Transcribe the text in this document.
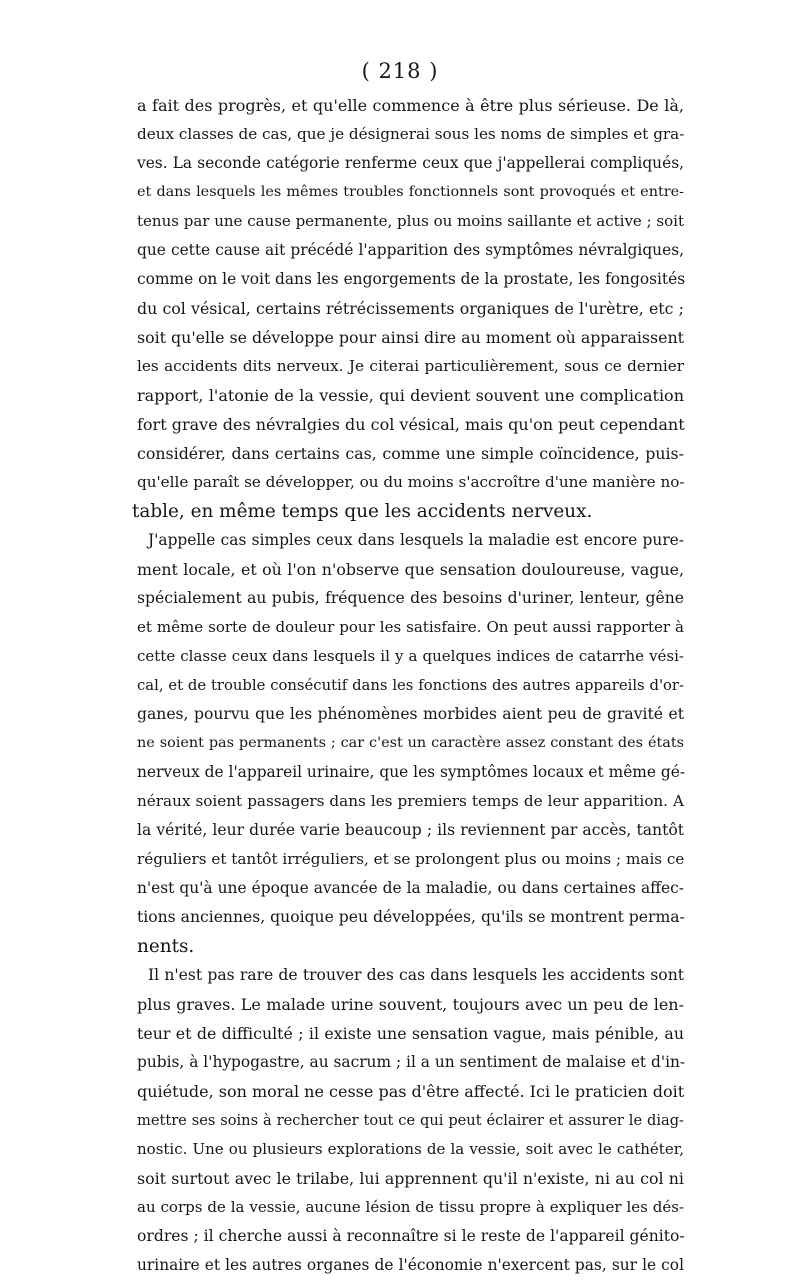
( 218 )
a fait des progrès, et qu'elle commence à être plus sérieuse. De là,
deux classes de cas, que je désignerai sous les noms de simples et gra-
ves. La seconde catégorie renferme ceux que j'appellerai compliqués,
et dans lesquels les mêmes troubles fonctionnels sont provoqués et entre-
tenus par une cause permanente, plus ou moins saillante et active ; soit
que cette cause ait précédé l'apparition des symptômes névralgiques,
comme on le voit dans les engorgements de la prostate, les fongosités
du col vésical, certains rétrécissements organiques de l'urètre, etc ;
soit qu'elle se développe pour ainsi dire au moment où apparaissent
les accidents dits nerveux. Je citerai particulièrement, sous ce dernier
rapport, l'atonie de la vessie, qui devient souvent une complication
fort grave des névralgies du col vésical, mais qu'on peut cependant
considérer, dans certains cas, comme une simple coïncidence, puis-
qu'elle paraît se développer, ou du moins s'accroître d'une manière no-
table, en même temps que les accidents nerveux.
J'appelle cas simples ceux dans lesquels la maladie est encore pure-
ment locale, et où l'on n'observe que sensation douloureuse, vague,
spécialement au pubis, fréquence des besoins d'uriner, lenteur, gêne
et même sorte de douleur pour les satisfaire. On peut aussi rapporter à
cette classe ceux dans lesquels il y a quelques indices de catarrhe vési-
cal, et de trouble consécutif dans les fonctions des autres appareils d'or-
ganes, pourvu que les phénomènes morbides aient peu de gravité et
ne soient pas permanents ; car c'est un caractère assez constant des états
nerveux de l'appareil urinaire, que les symptômes locaux et même gé-
néraux soient passagers dans les premiers temps de leur apparition. A
la vérité, leur durée varie beaucoup ; ils reviennent par accès, tantôt
réguliers et tantôt irréguliers, et se prolongent plus ou moins ; mais ce
n'est qu'à une époque avancée de la maladie, ou dans certaines affec-
tions anciennes, quoique peu développées, qu'ils se montrent perma-
nents.
Il n'est pas rare de trouver des cas dans lesquels les accidents sont
plus graves. Le malade urine souvent, toujours avec un peu de len-
teur et de difficulté ; il existe une sensation vague, mais pénible, au
pubis, à l'hypogastre, au sacrum ; il a un sentiment de malaise et d'in-
quiétude, son moral ne cesse pas d'être affecté. Ici le praticien doit
mettre ses soins à rechercher tout ce qui peut éclairer et assurer le diag-
nostic. Une ou plusieurs explorations de la vessie, soit avec le cathéter,
soit surtout avec le trilabe, lui apprennent qu'il n'existe, ni au col ni
au corps de la vessie, aucune lésion de tissu propre à expliquer les dés-
ordres ; il cherche aussi à reconnaître si le reste de l'appareil génito-
urinaire et les autres organes de l'économie n'exercent pas, sur le col
